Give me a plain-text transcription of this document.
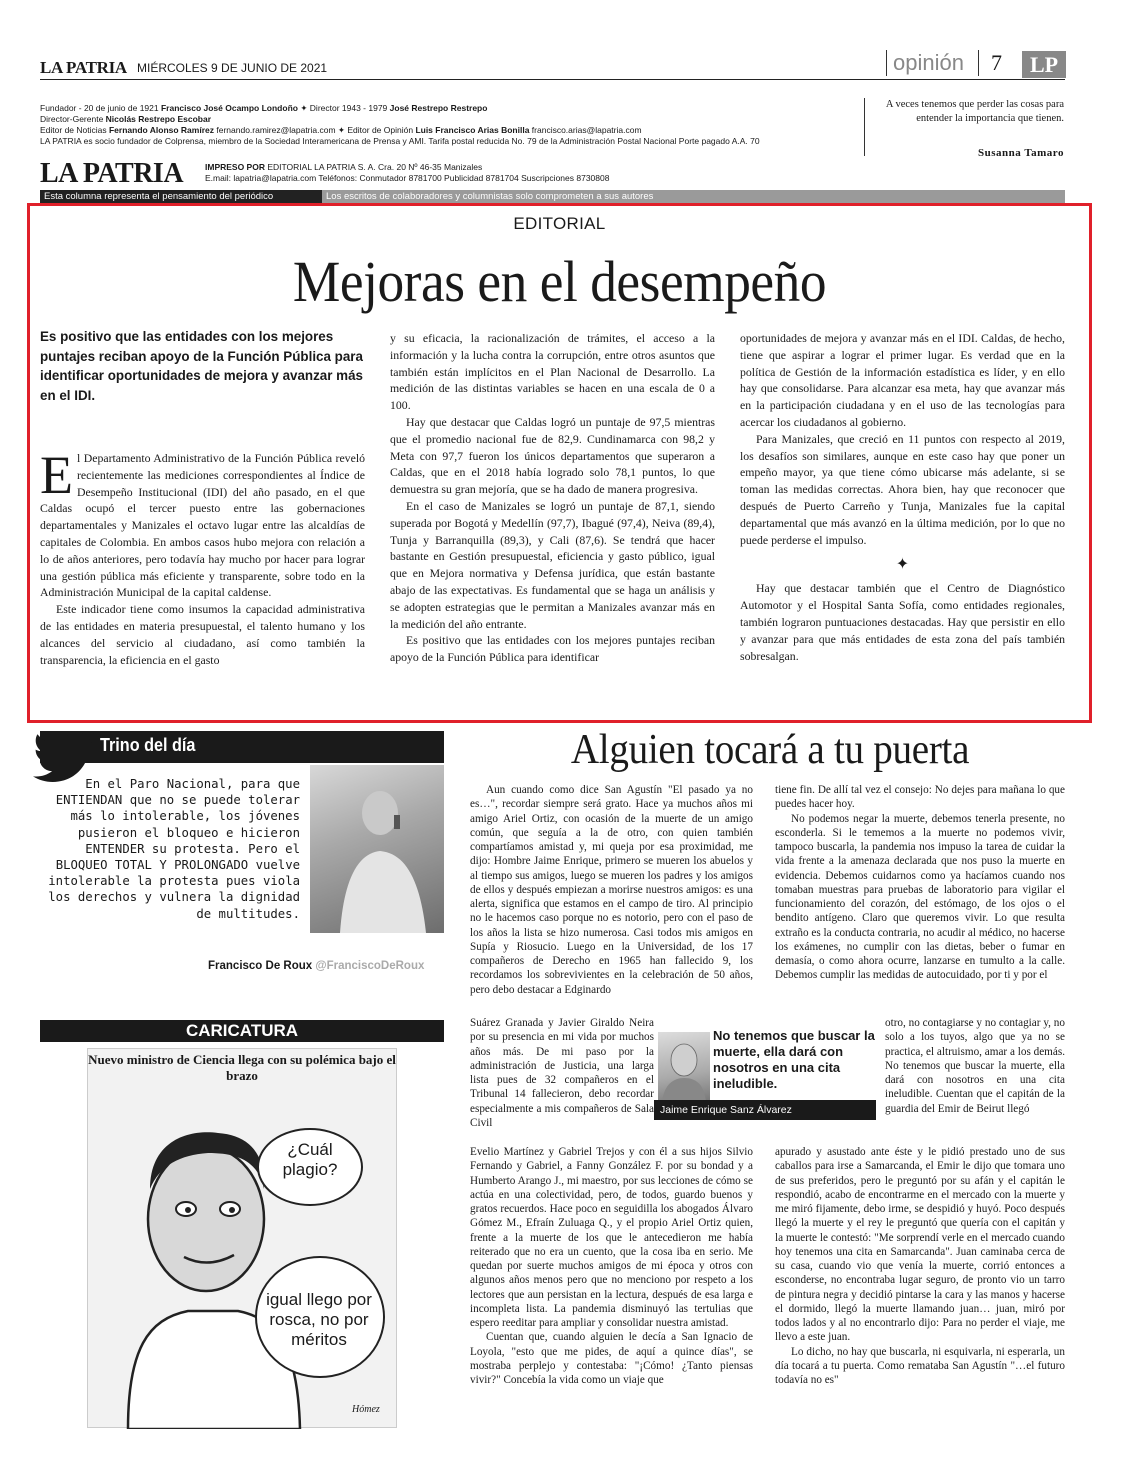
LA PATRIA MIÉRCOLES 9 DE JUNIO DE 2021	opinión	7	LP
Fundador - 20 de junio de 1921 Francisco José Ocampo Londoño ✦ Director 1943 - 1979 José Restrepo Restrepo
Director-Gerente Nicolás Restrepo Escobar
Editor de Noticias Fernando Alonso Ramírez fernando.ramirez@lapatria.com ✦ Editor de Opinión Luis Francisco Arias Bonilla francisco.arias@lapatria.com
LA PATRIA es socio fundador de Colprensa, miembro de la Sociedad Interamericana de Prensa y AMI. Tarifa postal reducida No. 79 de la Administración Postal Nacional Porte pagado A.A. 70
A veces tenemos que perder las cosas para entender la importancia que tienen.
Susanna Tamaro
LA PATRIA	IMPRESO POR EDITORIAL LA PATRIA S. A. Cra. 20 Nº 46-35 Manizales
E.mail: lapatria@lapatria.com Teléfonos: Conmutador 8781700 Publicidad 8781704 Suscripciones 8730808
Esta columna representa el pensamiento del periódico	Los escritos de colaboradores y columnistas solo comprometen a sus autores
EDITORIAL
Mejoras en el desempeño
Es positivo que las entidades con los mejores puntajes reciban apoyo de la Función Pública para identificar oportunidades de mejora y avanzar más en el IDI.

El Departamento Administrativo de la Función Pública reveló recientemente las mediciones correspondientes al Índice de Desempeño Institucional (IDI) del año pasado, en el que Caldas ocupó el tercer puesto entre las gobernaciones departamentales y Manizales el octavo lugar entre las alcaldías de capitales de Colombia. En ambos casos hubo mejora con relación a lo de años anteriores, pero todavía hay mucho por hacer para lograr una gestión pública más eficiente y transparente, sobre todo en la Administración Municipal de la capital caldense.

Este indicador tiene como insumos la capacidad administrativa de las entidades en materia presupuestal, el talento humano y los alcances del servicio al ciudadano, así como también la transparencia, la eficiencia en el gasto

y su eficacia, la racionalización de trámites, el acceso a la información y la lucha contra la corrupción, entre otros asuntos que también están implícitos en el Plan Nacional de Desarrollo. La medición de las distintas variables se hacen en una escala de 0 a 100.

Hay que destacar que Caldas logró un puntaje de 97,5 mientras que el promedio nacional fue de 82,9. Cundinamarca con 98,2 y Meta con 97,7 fueron los únicos departamentos que superaron a Caldas, que en el 2018 había logrado solo 78,1 puntos, lo que demuestra su gran mejoría, que se ha dado de manera progresiva.

En el caso de Manizales se logró un puntaje de 87,1, siendo superada por Bogotá y Medellín (97,7), Ibagué (97,4), Neiva (89,4), Tunja y Barranquilla (89,3), y Cali (87,6). Se tendrá que hacer bastante en Gestión presupuestal, eficiencia y gasto público, igual que en Mejora normativa y Defensa jurídica, que están bastante abajo de las expectativas. Es fundamental que se haga un análisis y se adopten estrategias que le permitan a Manizales avanzar más en la medición del año entrante.

Es positivo que las entidades con los mejores puntajes reciban apoyo de la Función Pública para identificar

oportunidades de mejora y avanzar más en el IDI. Caldas, de hecho, tiene que aspirar a lograr el primer lugar. Es verdad que en la política de Gestión de la información estadística es líder, y en ello hay que consolidarse. Para alcanzar esa meta, hay que avanzar más en la participación ciudadana y en el uso de las tecnologías para acercar los ciudadanos al gobierno.

Para Manizales, que creció en 11 puntos con respecto al 2019, los desafíos son similares, aunque en este caso hay que poner un empeño mayor, ya que tiene cómo ubicarse más adelante, si se toman las medidas correctas. Ahora bien, hay que reconocer que después de Puerto Carreño y Tunja, Manizales fue la capital departamental que más avanzó en la última medición, por lo que no puede perderse el impulso.

✦

Hay que destacar también que el Centro de Diagnóstico Automotor y el Hospital Santa Sofía, como entidades regionales, también lograron puntuaciones destacadas. Hay que persistir en ello y avanzar para que más entidades de esta zona del país también sobresalgan.

Trino del día
En el Paro Nacional, para que ENTIENDAN que no se puede tolerar más lo intolerable, los jóvenes pusieron el bloqueo e hicieron ENTENDER su protesta. Pero el BLOQUEO TOTAL Y PROLONGADO vuelve intolerable la protesta pues viola los derechos y vulnera la dignidad de multitudes.
Francisco De Roux @FranciscoDeRoux
CARICATURA
Nuevo ministro de Ciencia llega con su polémica bajo el brazo
¿Cuál plagio?
igual llego por rosca, no por méritos
Hómez
Alguien tocará a tu puerta

Aun cuando como dice San Agustín "El pasado ya no es…", recordar siempre será grato. Hace ya muchos años mi amigo Ariel Ortiz, con ocasión de la muerte de un amigo común, que seguía a la de otro, con quien también compartíamos amistad y, mi queja por esa proximidad, me dijo: Hombre Jaime Enrique, primero se mueren los abuelos y al tiempo sus amigos, luego se mueren los padres y los amigos de ellos y después empiezan a morirse nuestros amigos: es una alerta, significa que estamos en el campo de tiro. Al principio no le hacemos caso porque no es notorio, pero con el paso de los años la lista se hizo numerosa. Casi todos mis amigos en Supía y Riosucio. Luego en la Universidad, de los 17 compañeros de Derecho en 1965 han fallecido 9, los recordamos los sobrevivientes en la celebración de 50 años, pero debo destacar a Edginardo

Suárez Granada y Javier Giraldo Neira por su presencia en mi vida por muchos años más. De mi paso por la administración de Justicia, una larga lista pues de 32 compañeros en el Tribunal 14 fallecieron, debo recordar especialmente a mis compañeros de Sala Civil

Evelio Martínez y Gabriel Trejos y con él a sus hijos Silvio Fernando y Gabriel, a Fanny González F. por su bondad y a Humberto Arango J., mi maestro, por sus lecciones de cómo se actúa en una colectividad, pero, de todos, guardo buenos y gratos recuerdos. Hace poco en seguidilla los abogados Álvaro Gómez M., Efraín Zuluaga Q., y el propio Ariel Ortiz quien, frente a la muerte de los que le antecedieron me había reiterado que no era un cuento, que la cosa iba en serio. Me quedan por suerte muchos amigos de mi época y otros con algunos años menos pero que no menciono por respeto a los lectores que aun persistan en la lectura, después de esa larga e incompleta lista. La pandemia disminuyó las tertulias que espero reeditar para ampliar y consolidar nuestra amistad.

Cuentan que, cuando alguien le decía a San Ignacio de Loyola, "esto que me pides, de aquí a quince días", se mostraba perplejo y contestaba: "¡Cómo! ¿Tanto piensas vivir?" Concebía la vida como un viaje que

No tenemos que buscar la muerte, ella dará con nosotros en una cita ineludible.
Jaime Enrique Sanz Álvarez

tiene fin. De allí tal vez el consejo: No dejes para mañana lo que puedes hacer hoy.

No podemos negar la muerte, debemos tenerla presente, no esconderla. Si le tememos a la muerte no podemos vivir, tampoco buscarla, la pandemia nos impuso la tarea de cuidar la vida frente a la amenaza declarada que nos puso la muerte en evidencia. Debemos cuidarnos como ya hacíamos cuando nos tomaban muestras para pruebas de laboratorio para vigilar el funcionamiento del corazón, del estómago, de los ojos o el bendito antígeno. Claro que queremos vivir. Lo que resulta extraño es la conducta contraria, no acudir al médico, no hacerse los exámenes, no cumplir con las dietas, beber o fumar en demasía, o como ahora ocurre, lanzarse en tumulto a la calle. Debemos cumplir las medidas de autocuidado, por ti y por el

otro, no contagiarse y no contagiar y, no solo a los tuyos, algo que ya no se practica, el altruismo, amar a los demás. No tenemos que buscar la muerte, ella dará con nosotros en una cita ineludible. Cuentan que el capitán de la guardia del Emir de Beirut llegó

apurado y asustado ante éste y le pidió prestado uno de sus caballos para irse a Samarcanda, el Emir le dijo que tomara uno de sus preferidos, pero le preguntó por su afán y el capitán le respondió, acabo de encontrarme en el mercado con la muerte y me miró fijamente, debo irme, se despidió y huyó. Poco después llegó la muerte y el rey le preguntó que quería con el capitán y la muerte le contestó: "Me sorprendí verle en el mercado cuando hoy tenemos una cita en Samarcanda". Juan caminaba cerca de su casa, cuando vio que venía la muerte, corrió entonces a esconderse, no encontraba lugar seguro, de pronto vio un tarro de pintura negra y decidió pintarse la cara y las manos y hacerse el dormido, llegó la muerte llamando juan… juan, miró por todos lados y al no encontrarlo dijo: Para no perder el viaje, me llevo a este juan.

Lo dicho, no hay que buscarla, ni esquivarla, ni esperarla, un día tocará a tu puerta. Como remataba San Agustín "…el futuro todavía no es"
